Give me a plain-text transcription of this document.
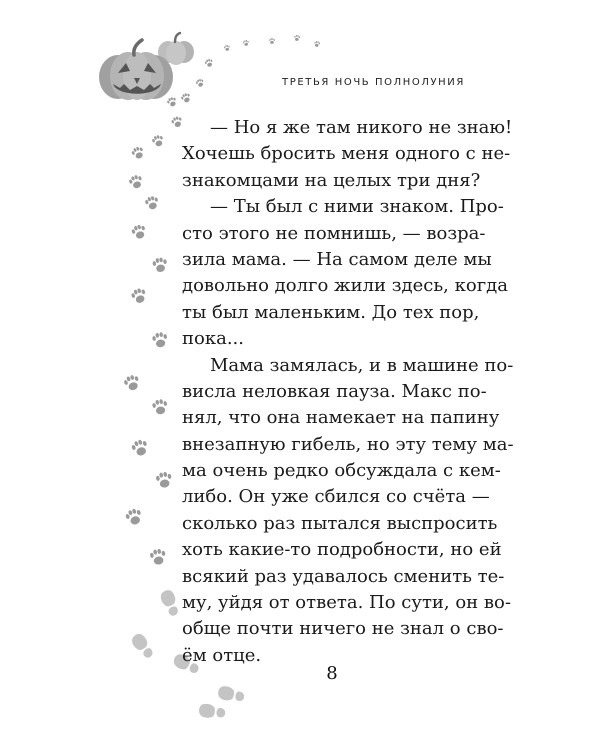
ТРЕТЬЯ НОЧЬ ПОЛНОЛУНИЯ
— Но я же там никого не знаю!
Хочешь бросить меня одного с не-
знакомцами на целых три дня?
— Ты был с ними знаком. Про-
сто этого не помнишь, — возра-
зила мама. — На самом деле мы
довольно долго жили здесь, когда
ты был маленьким. До тех пор,
пока...
Мама замялась, и в машине по-
висла неловкая пауза. Макс по-
нял, что она намекает на папину
внезапную гибель, но эту тему ма-
ма очень редко обсуждала с кем-
либо. Он уже сбился со счёта —
сколько раз пытался выспросить
хоть какие-то подробности, но ей
всякий раз удавалось сменить те-
му, уйдя от ответа. По сути, он во-
обще почти ничего не знал о сво-
ём отце.
8
